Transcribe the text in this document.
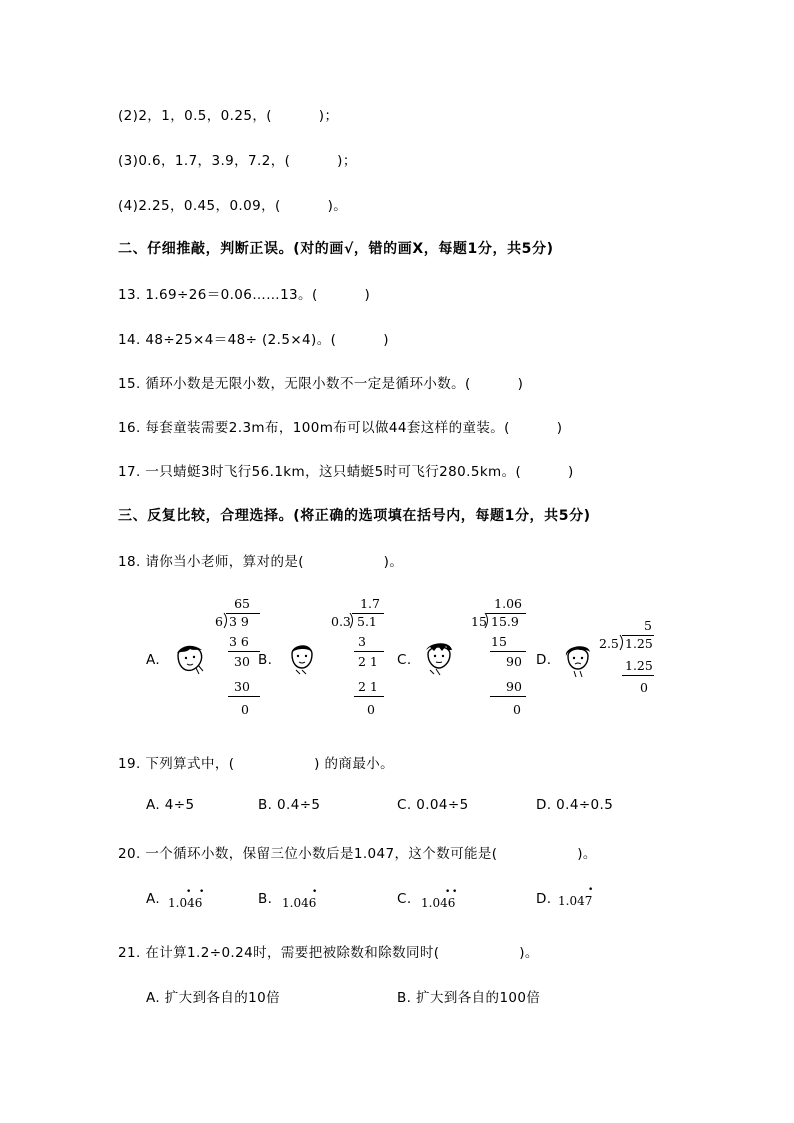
(2)2，1，0.5，0.25，(          )；
(3)0.6，1.7，3.9，7.2，(          )；
(4)2.25，0.45，0.09，(          )。
二、仔细推敲，判断正误。(对的画√，错的画X，每题1分，共5分)
13. 1.69÷26＝0.06……13。(          )
14. 48÷25×4＝48÷ (2.5×4)。(          )
15. 循环小数是无限小数，无限小数不一定是循环小数。(          )
16. 每套童装需要2.3m布，100m布可以做44套这样的童装。(          )
17. 一只蜻蜓3时飞行56.1km，这只蜻蜓5时可飞行280.5km。(          )
三、反复比较，合理选择。(将正确的选项填在括号内，每题1分，共5分)
18. 请你当小老师，算对的是(                 )。
A.
65
6 3 9
3 6
30
30
0
B.
1.7
0.3 5.1
3
2 1
2 1
0
C.
1.06
15 15.9
15
90
90
0
D.
5
2.5 1.25
1.25
0
19. 下列算式中，(                 ) 的商最小。
A. 4÷5	B. 0.4÷5	C. 0.04÷5	D. 0.4÷0.5
20. 一个循环小数，保留三位小数后是1.047，这个数可能是(                 )。
A. 1.046
• •	B. 1.046
•	C. 1.046
• •	D. 1.047
•
21. 在计算1.2÷0.24时，需要把被除数和除数同时(                 )。
A. 扩大到各自的10倍	B. 扩大到各自的100倍
